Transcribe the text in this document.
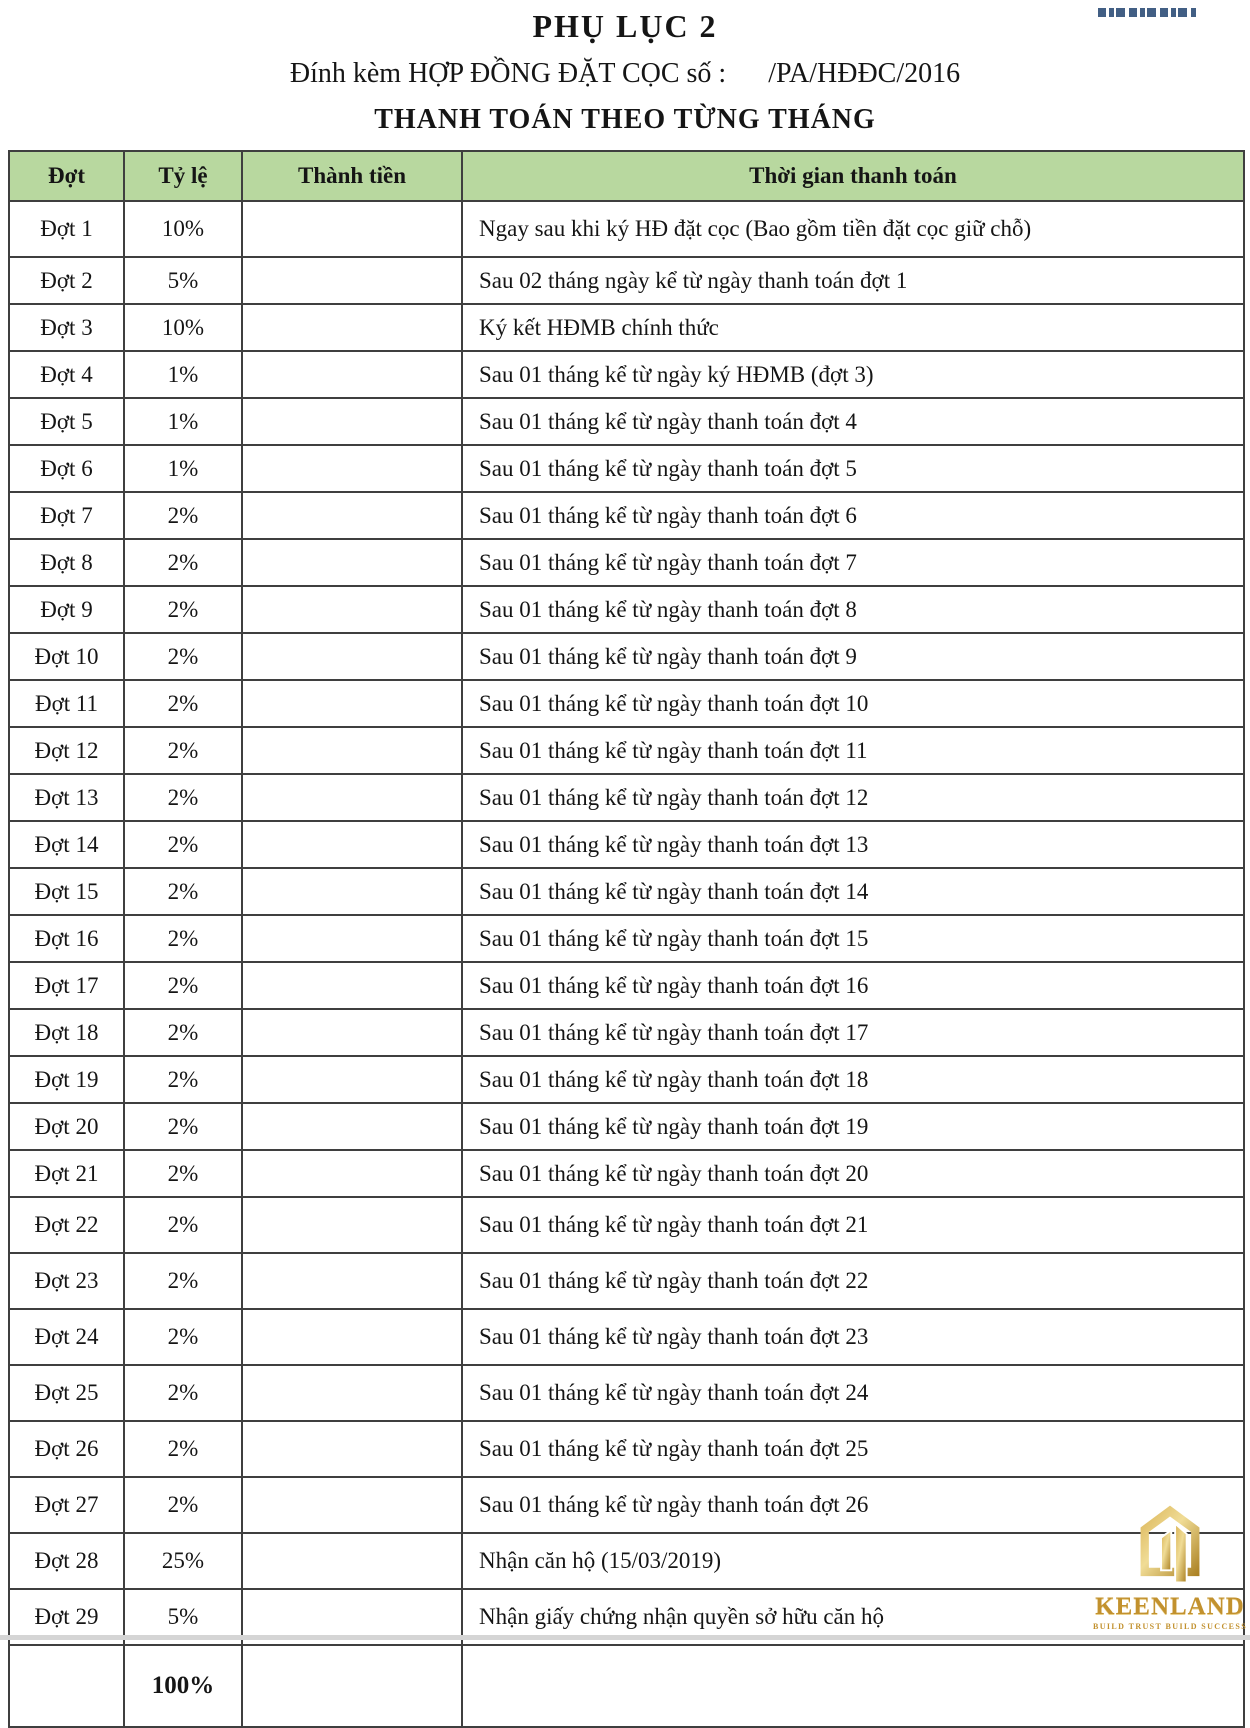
PHỤ LỤC 2
Đính kèm HỢP ĐỒNG ĐẶT CỌC số : /PA/HĐĐC/2016
THANH TOÁN THEO TỪNG THÁNG
Đợt	Tỷ lệ	Thành tiền	Thời gian thanh toán
Đợt 1	10%		Ngay sau khi ký HĐ đặt cọc (Bao gồm tiền đặt cọc giữ chỗ)
Đợt 2	5%		Sau 02 tháng ngày kể từ ngày thanh toán đợt 1
Đợt 3	10%		Ký kết HĐMB chính thức
Đợt 4	1%		Sau 01 tháng kể từ ngày ký HĐMB (đợt 3)
Đợt 5	1%		Sau 01 tháng kể từ ngày thanh toán đợt 4
Đợt 6	1%		Sau 01 tháng kể từ ngày thanh toán đợt 5
Đợt 7	2%		Sau 01 tháng kể từ ngày thanh toán đợt 6
Đợt 8	2%		Sau 01 tháng kể từ ngày thanh toán đợt 7
Đợt 9	2%		Sau 01 tháng kể từ ngày thanh toán đợt 8
Đợt 10	2%		Sau 01 tháng kể từ ngày thanh toán đợt 9
Đợt 11	2%		Sau 01 tháng kể từ ngày thanh toán đợt 10
Đợt 12	2%		Sau 01 tháng kể từ ngày thanh toán đợt 11
Đợt 13	2%		Sau 01 tháng kể từ ngày thanh toán đợt 12
Đợt 14	2%		Sau 01 tháng kể từ ngày thanh toán đợt 13
Đợt 15	2%		Sau 01 tháng kể từ ngày thanh toán đợt 14
Đợt 16	2%		Sau 01 tháng kể từ ngày thanh toán đợt 15
Đợt 17	2%		Sau 01 tháng kể từ ngày thanh toán đợt 16
Đợt 18	2%		Sau 01 tháng kể từ ngày thanh toán đợt 17
Đợt 19	2%		Sau 01 tháng kể từ ngày thanh toán đợt 18
Đợt 20	2%		Sau 01 tháng kể từ ngày thanh toán đợt 19
Đợt 21	2%		Sau 01 tháng kể từ ngày thanh toán đợt 20
Đợt 22	2%		Sau 01 tháng kể từ ngày thanh toán đợt 21
Đợt 23	2%		Sau 01 tháng kể từ ngày thanh toán đợt 22
Đợt 24	2%		Sau 01 tháng kể từ ngày thanh toán đợt 23
Đợt 25	2%		Sau 01 tháng kể từ ngày thanh toán đợt 24
Đợt 26	2%		Sau 01 tháng kể từ ngày thanh toán đợt 25
Đợt 27	2%		Sau 01 tháng kể từ ngày thanh toán đợt 26
Đợt 28	25%		Nhận căn hộ (15/03/2019)
Đợt 29	5%		Nhận giấy chứng nhận quyền sở hữu căn hộ
	100%		
KEENLAND
BUILD TRUST BUILD SUCCESS
